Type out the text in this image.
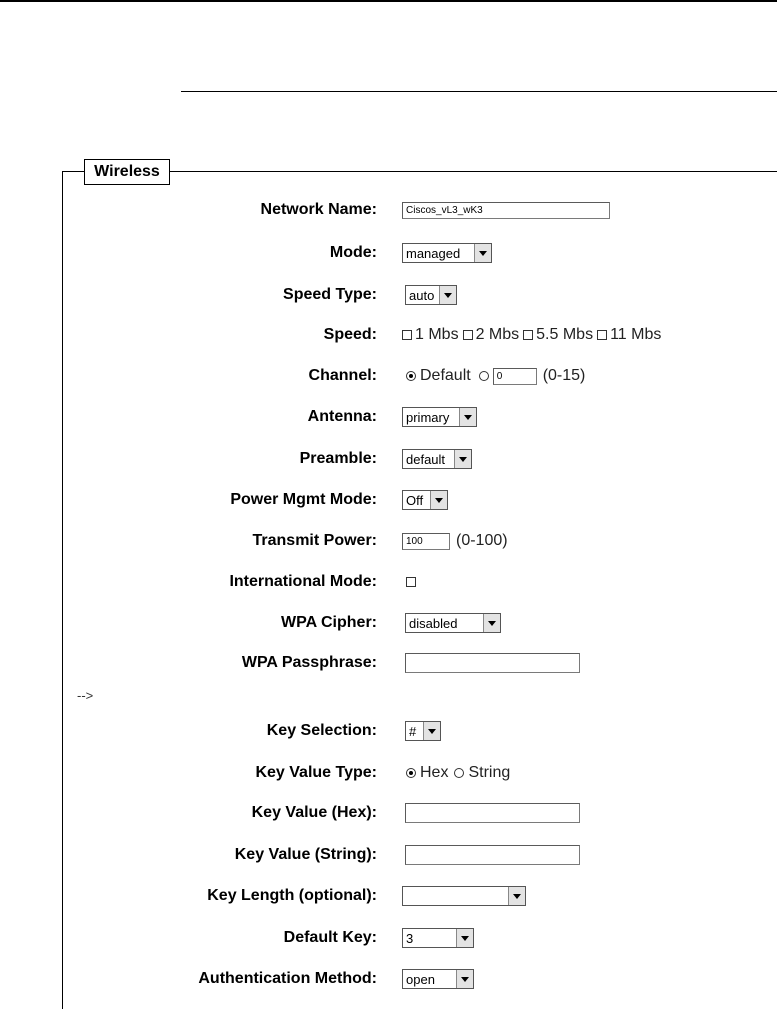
Wireless
Network Name:
Ciscos_vL3_wK3
Mode: managed
Speed Type: auto
Speed: 1 Mbs 2 Mbs 5.5 Mbs 11 Mbs
Channel:	Default
0	(0-15)
Antenna: primary
Preamble: default
Power Mgmt Mode: Off
Transmit Power:
100	(0-100)
International Mode:
WPA Cipher: disabled
WPA Passphrase:
-->
Key Selection: #
Key Value Type:	Hex String
Key Value (Hex):
Key Value (String):
Key Length (optional):
Default Key: 3
Authentication Method: open
